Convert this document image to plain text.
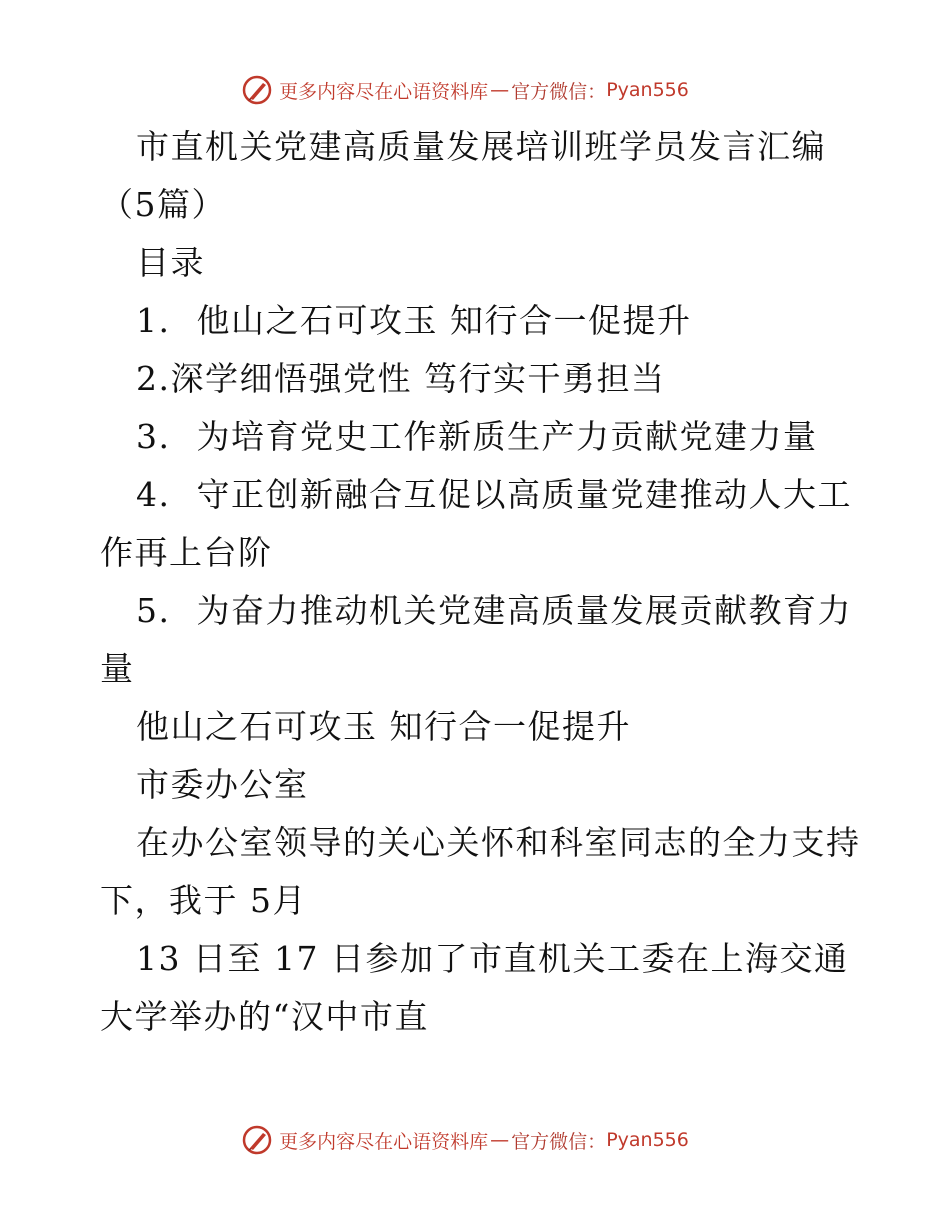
更多内容尽在心语资料库 — 官方微信： Pyan556
市直机关党建高质量发展培训班学员发言汇编
（5篇）
目录
1. 他山之石可攻玉 知行合一促提升
2.深学细悟强党性 笃行实干勇担当
3. 为培育党史工作新质生产力贡献党建力量
4. 守正创新融合互促以高质量党建推动人大工
作再上台阶
5. 为奋力推动机关党建高质量发展贡献教育力
量
他山之石可攻玉 知行合一促提升
市委办公室
在办公室领导的关心关怀和科室同志的全力支持
下，我于 5月
13 日至 17 日参加了市直机关工委在上海交通
大学举办的“汉中市直
更多内容尽在心语资料库 — 官方微信： Pyan556
